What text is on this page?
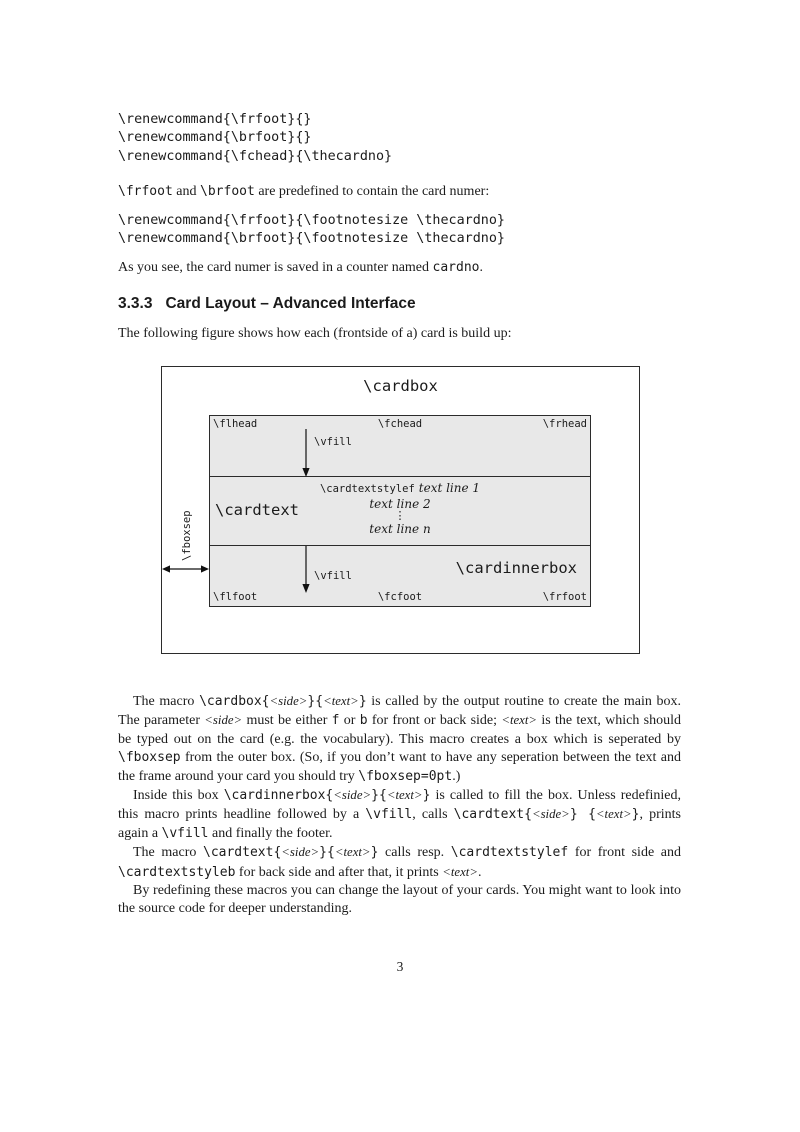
\renewcommand{\frfoot}{}
\renewcommand{\brfoot}{}
\renewcommand{\fchead}{\thecardno}

\frfoot and \brfoot are predefined to contain the card numer:

\renewcommand{\frfoot}{\footnotesize \thecardno}
\renewcommand{\brfoot}{\footnotesize \thecardno}

As you see, the card numer is saved in a counter named cardno.

3.3.3 Card Layout – Advanced Interface

The following figure shows how each (frontside of a) card is build up:

\cardbox
\fboxsep
\flhead	\fchead	\frhead
\vfill
\cardtext
\cardtextstylef text line 1
text line 2
⋮
text line n
\vfill	\cardinnerbox
\flfoot	\fcfoot	\frfoot

The macro \cardbox{<side>}{<text>} is called by the output routine to create the main box. The parameter <side> must be either f or b for front or back side; <text> is the text, which should be typed out on the card (e.g. the vocabulary). This macro creates a box which is seperated by \fboxsep from the outer box. (So, if you don’t want to have any seperation between the text and the frame around your card you should try \fboxsep=0pt.)

Inside this box \cardinnerbox{<side>}{<text>} is called to fill the box. Unless redefinied, this macro prints headline followed by a \vfill, calls \cardtext{<side>} {<text>}, prints again a \vfill and finally the footer.

The macro \cardtext{<side>}{<text>} calls resp. \cardtextstylef for front side and \cardtextstyleb for back side and after that, it prints <text>.

By redefining these macros you can change the layout of your cards. You might want to look into the source code for deeper understanding.

3
